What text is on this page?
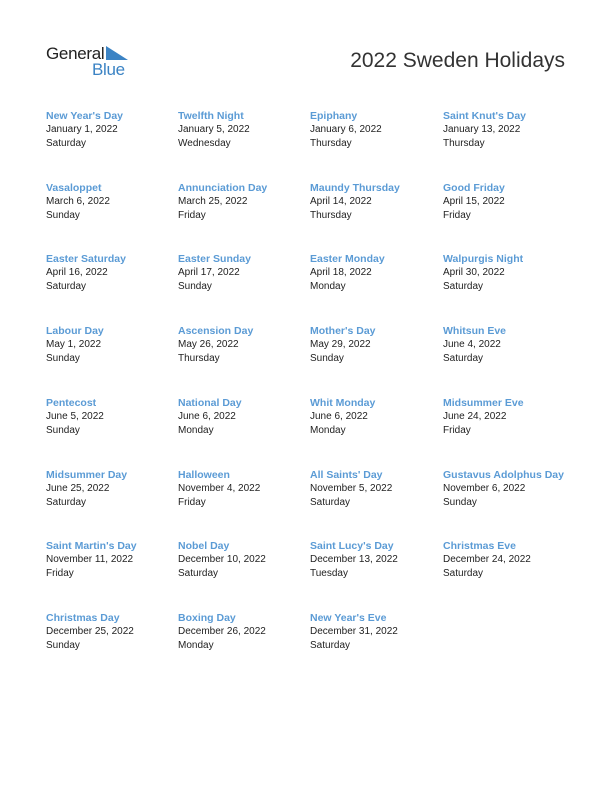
General
Blue	2022 Sweden Holidays
New Year's Day
January 1, 2022
Saturday
Twelfth Night
January 5, 2022
Wednesday
Epiphany
January 6, 2022
Thursday
Saint Knut's Day
January 13, 2022
Thursday
Vasaloppet
March 6, 2022
Sunday
Annunciation Day
March 25, 2022
Friday
Maundy Thursday
April 14, 2022
Thursday
Good Friday
April 15, 2022
Friday
Easter Saturday
April 16, 2022
Saturday
Easter Sunday
April 17, 2022
Sunday
Easter Monday
April 18, 2022
Monday
Walpurgis Night
April 30, 2022
Saturday
Labour Day
May 1, 2022
Sunday
Ascension Day
May 26, 2022
Thursday
Mother's Day
May 29, 2022
Sunday
Whitsun Eve
June 4, 2022
Saturday
Pentecost
June 5, 2022
Sunday
National Day
June 6, 2022
Monday
Whit Monday
June 6, 2022
Monday
Midsummer Eve
June 24, 2022
Friday
Midsummer Day
June 25, 2022
Saturday
Halloween
November 4, 2022
Friday
All Saints' Day
November 5, 2022
Saturday
Gustavus Adolphus Day
November 6, 2022
Sunday
Saint Martin's Day
November 11, 2022
Friday
Nobel Day
December 10, 2022
Saturday
Saint Lucy's Day
December 13, 2022
Tuesday
Christmas Eve
December 24, 2022
Saturday
Christmas Day
December 25, 2022
Sunday
Boxing Day
December 26, 2022
Monday
New Year's Eve
December 31, 2022
Saturday
